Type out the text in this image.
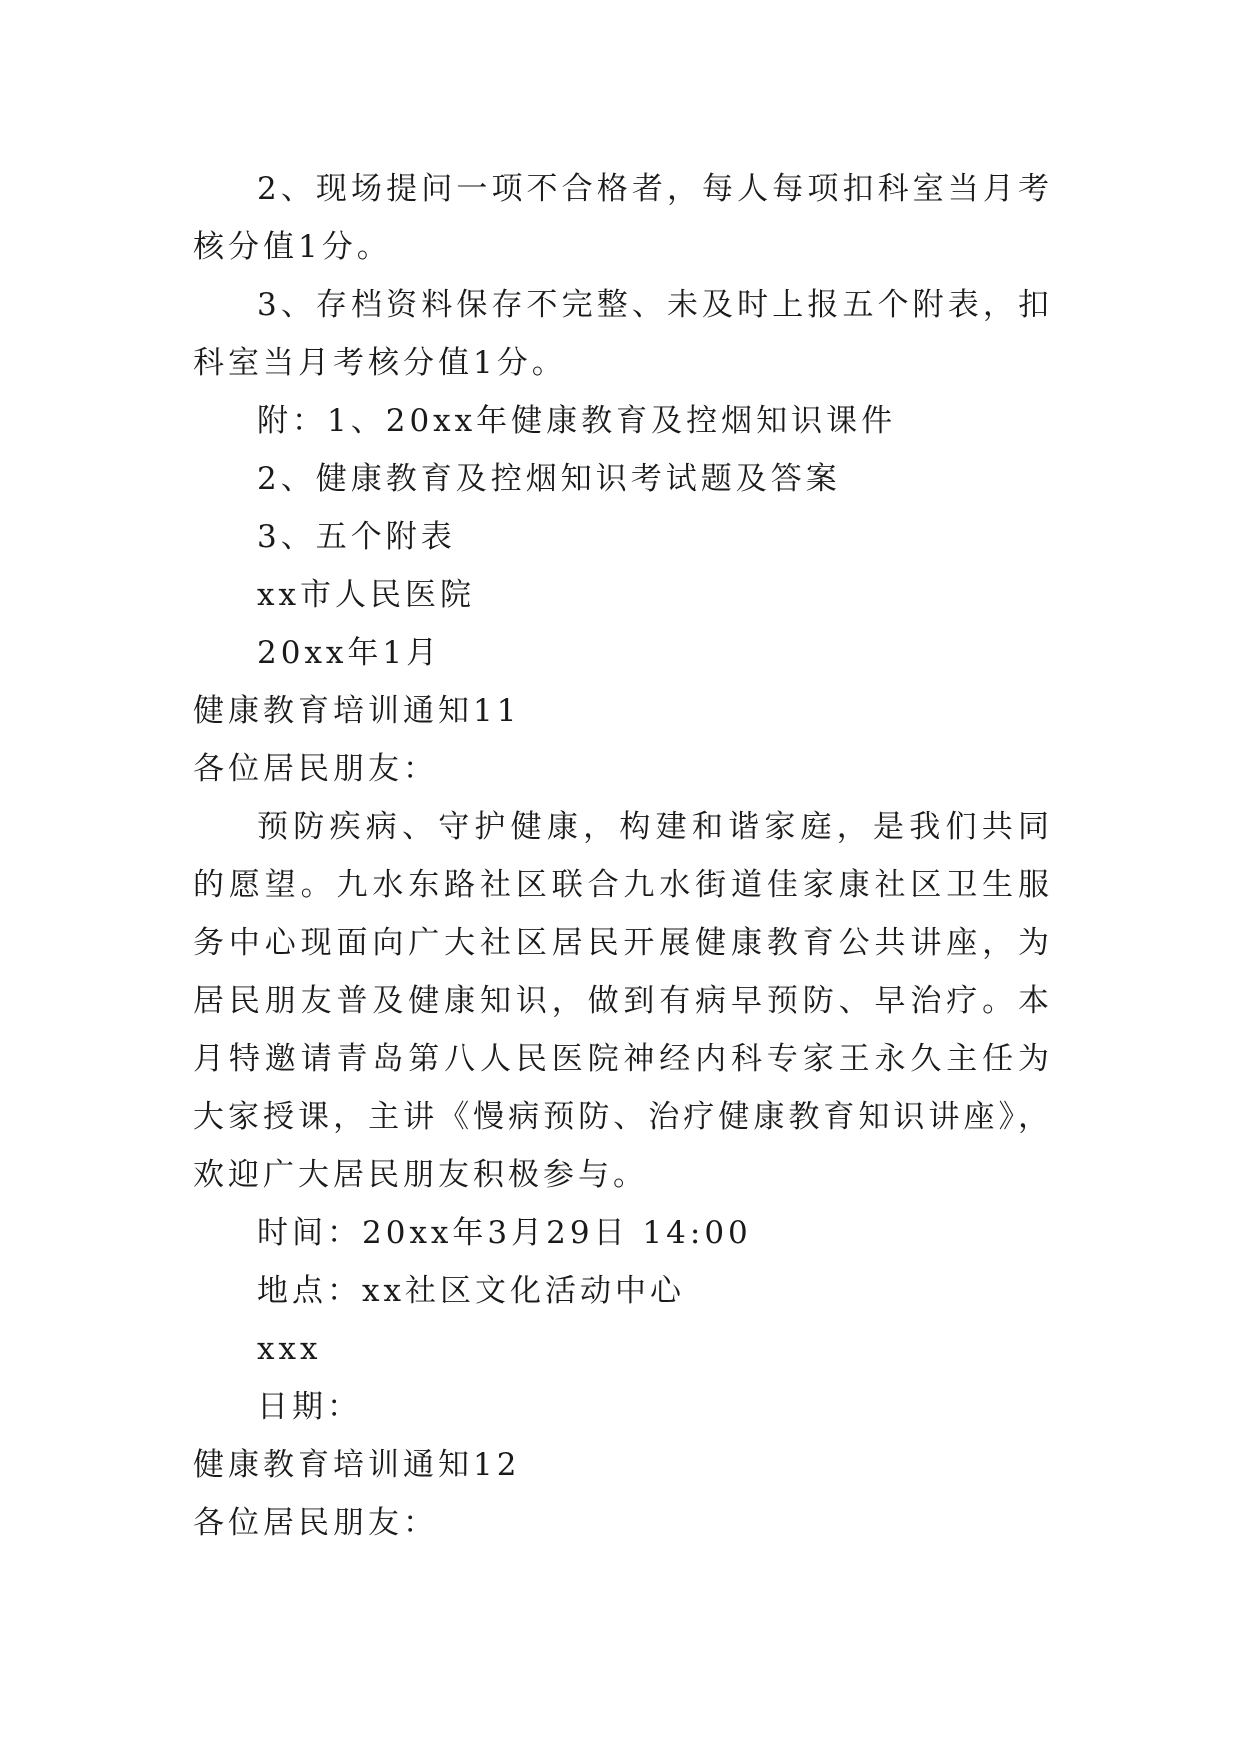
2、现场提问一项不合格者，每人每项扣科室当月考核分值1分。

3、存档资料保存不完整、未及时上报五个附表，扣科室当月考核分值1分。

附：1、20xx年健康教育及控烟知识课件

2、健康教育及控烟知识考试题及答案

3、五个附表

xx市人民医院

20xx年1月

健康教育培训通知11

各位居民朋友：

预防疾病、守护健康，构建和谐家庭，是我们共同的愿望。九水东路社区联合九水街道佳家康社区卫生服务中心现面向广大社区居民开展健康教育公共讲座，为居民朋友普及健康知识，做到有病早预防、早治疗。本月特邀请青岛第八人民医院神经内科专家王永久主任为大家授课，主讲《慢病预防、治疗健康教育知识讲座》，欢迎广大居民朋友积极参与。

时间：20xx年3月29日 14:00

地点：xx社区文化活动中心

xxx

日期：

健康教育培训通知12

各位居民朋友：
